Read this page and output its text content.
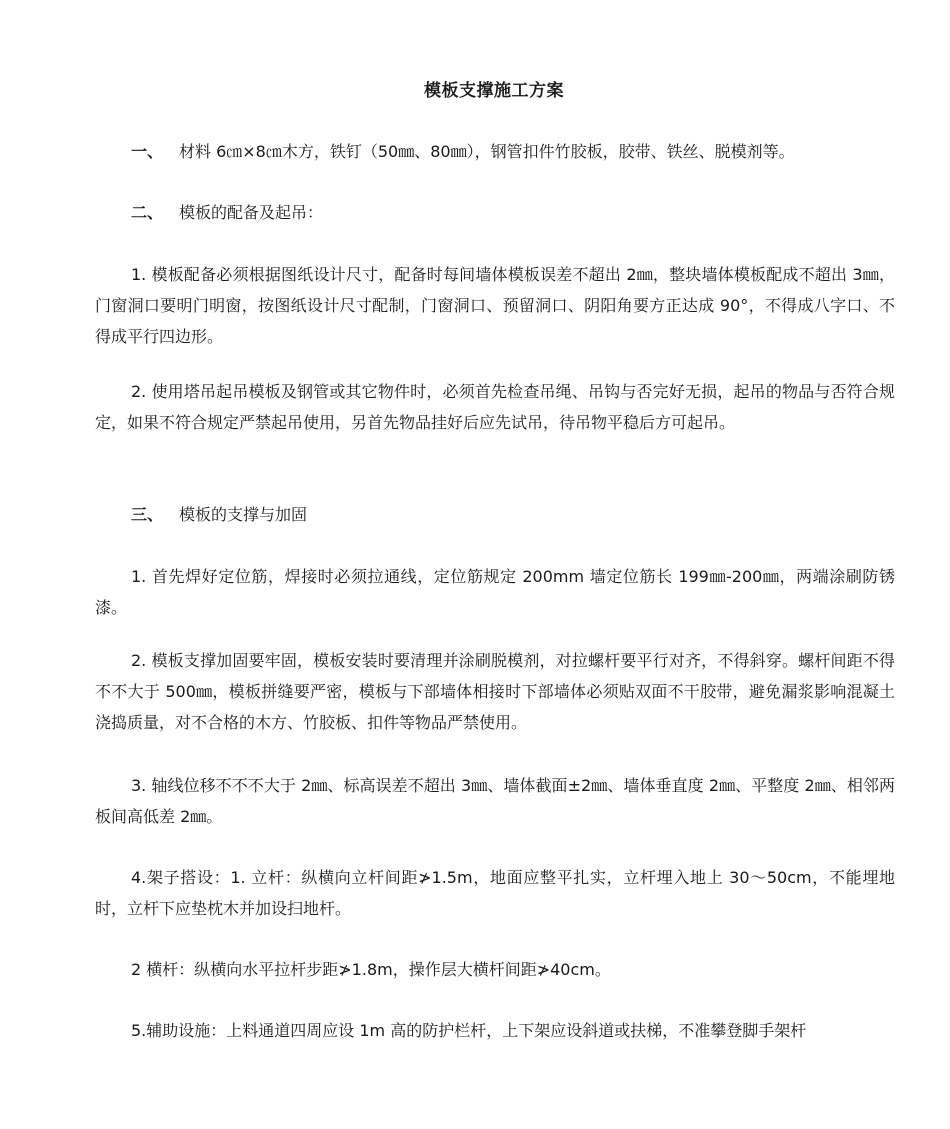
模板支撑施工方案
一、 材料 6㎝×8㎝木方，铁钉（50㎜、80㎜），钢管扣件竹胶板，胶带、铁丝、脱模剂等。
二、 模板的配备及起吊：
1. 模板配备必须根据图纸设计尺寸，配备时每间墙体模板误差不超出 2㎜，整块墙体模板配成不超出 3㎜，门窗洞口要明门明窗，按图纸设计尺寸配制，门窗洞口、预留洞口、阴阳角要方正达成 90°，不得成八字口、不得成平行四边形。
2. 使用塔吊起吊模板及钢管或其它物件时，必须首先检查吊绳、吊钩与否完好无损，起吊的物品与否符合规定，如果不符合规定严禁起吊使用，另首先物品挂好后应先试吊，待吊物平稳后方可起吊。
三、 模板的支撑与加固
1. 首先焊好定位筋，焊接时必须拉通线，定位筋规定 200mm 墙定位筋长 199㎜-200㎜，两端涂刷防锈漆。
2. 模板支撑加固要牢固，模板安装时要清理并涂刷脱模剂，对拉螺杆要平行对齐，不得斜穿。螺杆间距不得不不大于 500㎜，模板拼缝要严密，模板与下部墙体相接时下部墙体必须贴双面不干胶带，避免漏浆影响混凝土浇捣质量，对不合格的木方、竹胶板、扣件等物品严禁使用。
3. 轴线位移不不不大于 2㎜、标高误差不超出 3㎜、墙体截面±2㎜、墙体垂直度 2㎜、平整度 2㎜、相邻两板间高低差 2㎜。
4.架子搭设：1. 立杆：纵横向立杆间距≯1.5m，地面应整平扎实，立杆埋入地上 30～50cm，不能埋地时，立杆下应垫枕木并加设扫地杆。
2 横杆：纵横向水平拉杆步距≯1.8m，操作层大横杆间距≯40cm。
5.辅助设施：上料通道四周应设 1m 高的防护栏杆，上下架应设斜道或扶梯，不准攀登脚手架杆
